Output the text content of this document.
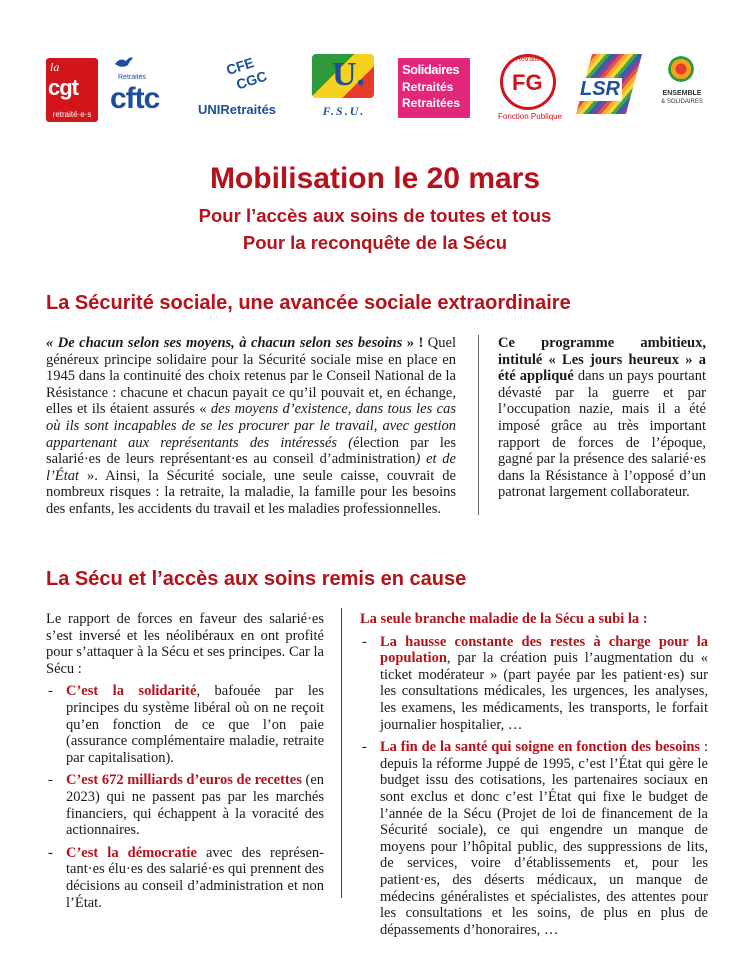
la
cgt
retraité·e·s
Retraités
cftc
CFE
CGC
UNIRetraités
U.
F.S.U.
Solidaires
Retraités
Retraitées
Retraités
FG
Fonction Publique
LSR	ENSEMBLE
& SOLIDAIRES
Mobilisation le 20 mars
Pour l’accès aux soins de toutes et tous
Pour la reconquête de la Sécu
La Sécurité sociale, une avancée sociale extraordinaire
« De chacun selon ses moyens, à chacun selon ses besoins » ! Quel généreux principe solidaire pour la Sécurité sociale mise en place en 1945 dans la continuité des choix retenus par le Conseil National de la Résistance : chacune et chacun payait ce qu’il pouvait et, en échange, elles et ils étaient assurés « des moyens d’existence, dans tous les cas où ils sont incapables de se les procurer par le travail, avec gestion appartenant aux représentants des intéressés (élection par les salarié·es de leurs représentant·es au conseil d’administration) et de l’État ». Ainsi, la Sécurité sociale, une seule caisse, couvrait de nombreux risques : la retraite, la maladie, la famille pour les besoins des enfants, les accidents du travail et les maladies professionnelles.
Ce programme ambitieux, intitulé « Les jours heureux » a été appliqué dans un pays pourtant dévasté par la guerre et par l’occupation nazie, mais il a été imposé grâce au très important rapport de forces de l’époque, gagné par la présence des salarié·es dans la Résistance à l’opposé d’un patronat largement collaborateur.
La Sécu et l’accès aux soins remis en cause
Le rapport de forces en faveur des salarié·es s’est inversé et les néolibéraux en ont profité pour s’attaquer à la Sécu et ses principes. Car la Sécu :
- C’est la solidarité, bafouée par les principes du système libéral où on ne reçoit qu’en fonction de ce que l’on paie (assurance complémentaire maladie, retraite par capitalisation).
- C’est 672 milliards d’euros de recettes (en 2023) qui ne passent pas par les marchés financiers, qui échappent à la voracité des actionnaires.
- C’est la démocratie avec des représentant·es élu·es des salarié·es qui prennent des décisions au conseil d’administration et non l’État.
La seule branche maladie de la Sécu a subi la :
- La hausse constante des restes à charge pour la population, par la création puis l’augmentation du « ticket modérateur » (part payée par les patient·es) sur les consultations médicales, les urgences, les analyses, les examens, les médicaments, les transports, le forfait journalier hospitalier, …
- La fin de la santé qui soigne en fonction des besoins : depuis la réforme Juppé de 1995, c’est l’État qui gère le budget issu des cotisations, les partenaires sociaux en sont exclus et donc c’est l’État qui fixe le budget de l’année de la Sécu (Projet de loi de financement de la Sécurité sociale), ce qui engendre un manque de moyens pour l’hôpital public, des suppressions de lits, de services, voire d’établissements et, pour les patient·es, des déserts médicaux, un manque de médecins généralistes et spécialistes, des attentes pour les consultations et les soins, de plus en plus de dépassements d’honoraires, …
